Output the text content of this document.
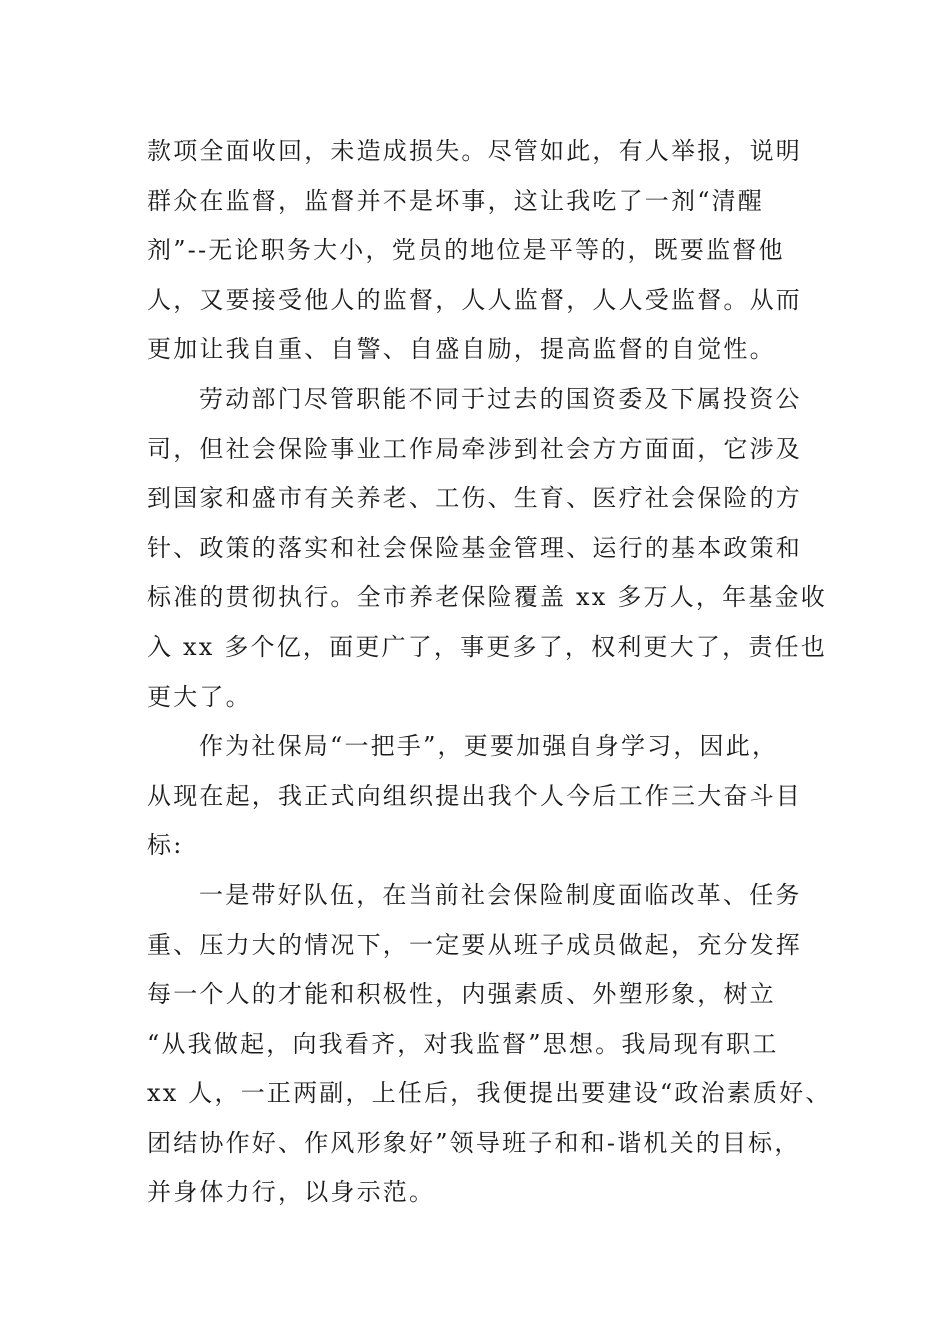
款项全面收回，未造成损失。尽管如此，有人举报，说明
群众在监督，监督并不是坏事，这让我吃了一剂“清醒
剂”--无论职务大小，党员的地位是平等的，既要监督他
人，又要接受他人的监督，人人监督，人人受监督。从而
更加让我自重、自警、自盛自励，提高监督的自觉性。
劳动部门尽管职能不同于过去的国资委及下属投资公
司，但社会保险事业工作局牵涉到社会方方面面，它涉及
到国家和盛市有关养老、工伤、生育、医疗社会保险的方
针、政策的落实和社会保险基金管理、运行的基本政策和
标准的贯彻执行。全市养老保险覆盖 xx 多万人，年基金收
入 xx 多个亿，面更广了，事更多了，权利更大了，责任也
更大了。
作为社保局“一把手”，更要加强自身学习，因此，
从现在起，我正式向组织提出我个人今后工作三大奋斗目
标:
一是带好队伍，在当前社会保险制度面临改革、任务
重、压力大的情况下，一定要从班子成员做起，充分发挥
每一个人的才能和积极性，内强素质、外塑形象，树立
“从我做起，向我看齐，对我监督”思想。我局现有职工
xx 人，一正两副，上任后，我便提出要建设“政治素质好、
团结协作好、作风形象好”领导班子和和-谐机关的目标，
并身体力行，以身示范。
